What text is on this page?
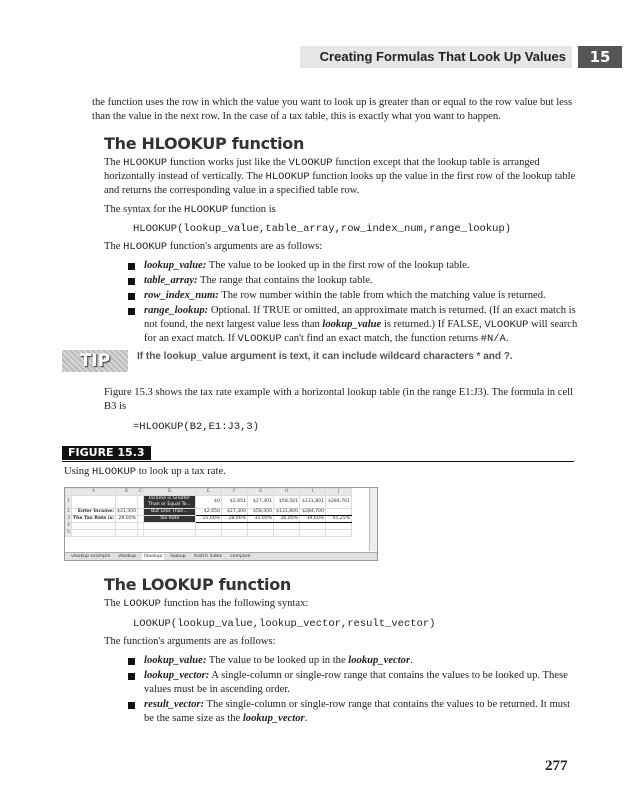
Creating Formulas That Look Up Values	15

the function uses the row in which the value you want to look up is greater than or equal to the row value but less than the value in the next row. In the case of a tax table, this is exactly what you want to happen.

The HLOOKUP function

The HLOOKUP function works just like the VLOOKUP function except that the lookup table is arranged horizontally instead of vertically. The HLOOKUP function looks up the value in the first row of the lookup table and returns the corresponding value in a specified table row.

The syntax for the HLOOKUP function is

HLOOKUP(lookup_value,table_array,row_index_num,range_lookup)

The HLOOKUP function's arguments are as follows:

lookup_value: The value to be looked up in the first row of the lookup table.
table_array: The range that contains the lookup table.
row_index_num: The row number within the table from which the matching value is returned.
range_lookup: Optional. If TRUE or omitted, an approximate match is returned. (If an exact match is not found, the next largest value less than lookup_value is returned.) If FALSE, VLOOKUP will search for an exact match. If VLOOKUP can't find an exact match, the function returns #N/A.
TIP	If the lookup_value argument is text, it can include wildcard characters * and ?.

Figure 15.3 shows the tax rate example with a horizontal lookup table (in the range E1:J3). The formula in cell B3 is

=HLOOKUP(B2,E1:J3,3)

FIGURE 15.3

Using HLOOKUP to look up a tax rate.

	A	B	C	D	E	F	G	H	I	J
1				Income is Greater Than or Equal To...	$0	$2,651	$27,301	$58,501	$131,801	$284,701
2	Enter Income:	$31,500		But Less Than...	$2,650	$27,300	$58,500	$131,800	$284,700	
3	The Tax Rate is:	28.00%		Tax Rate	15.00%	28.00%	31.00%	36.00%	39.60%	45.25%
4										
5										
vlookup example	vlookup	hlookup	lookup	match index	compare
The LOOKUP function

The LOOKUP function has the following syntax:

LOOKUP(lookup_value,lookup_vector,result_vector)

The function's arguments are as follows:

lookup_value: The value to be looked up in the lookup_vector.
lookup_vector: A single-column or single-row range that contains the values to be looked up. These values must be in ascending order.
result_vector: The single-column or single-row range that contains the values to be returned. It must be the same size as the lookup_vector.
277
